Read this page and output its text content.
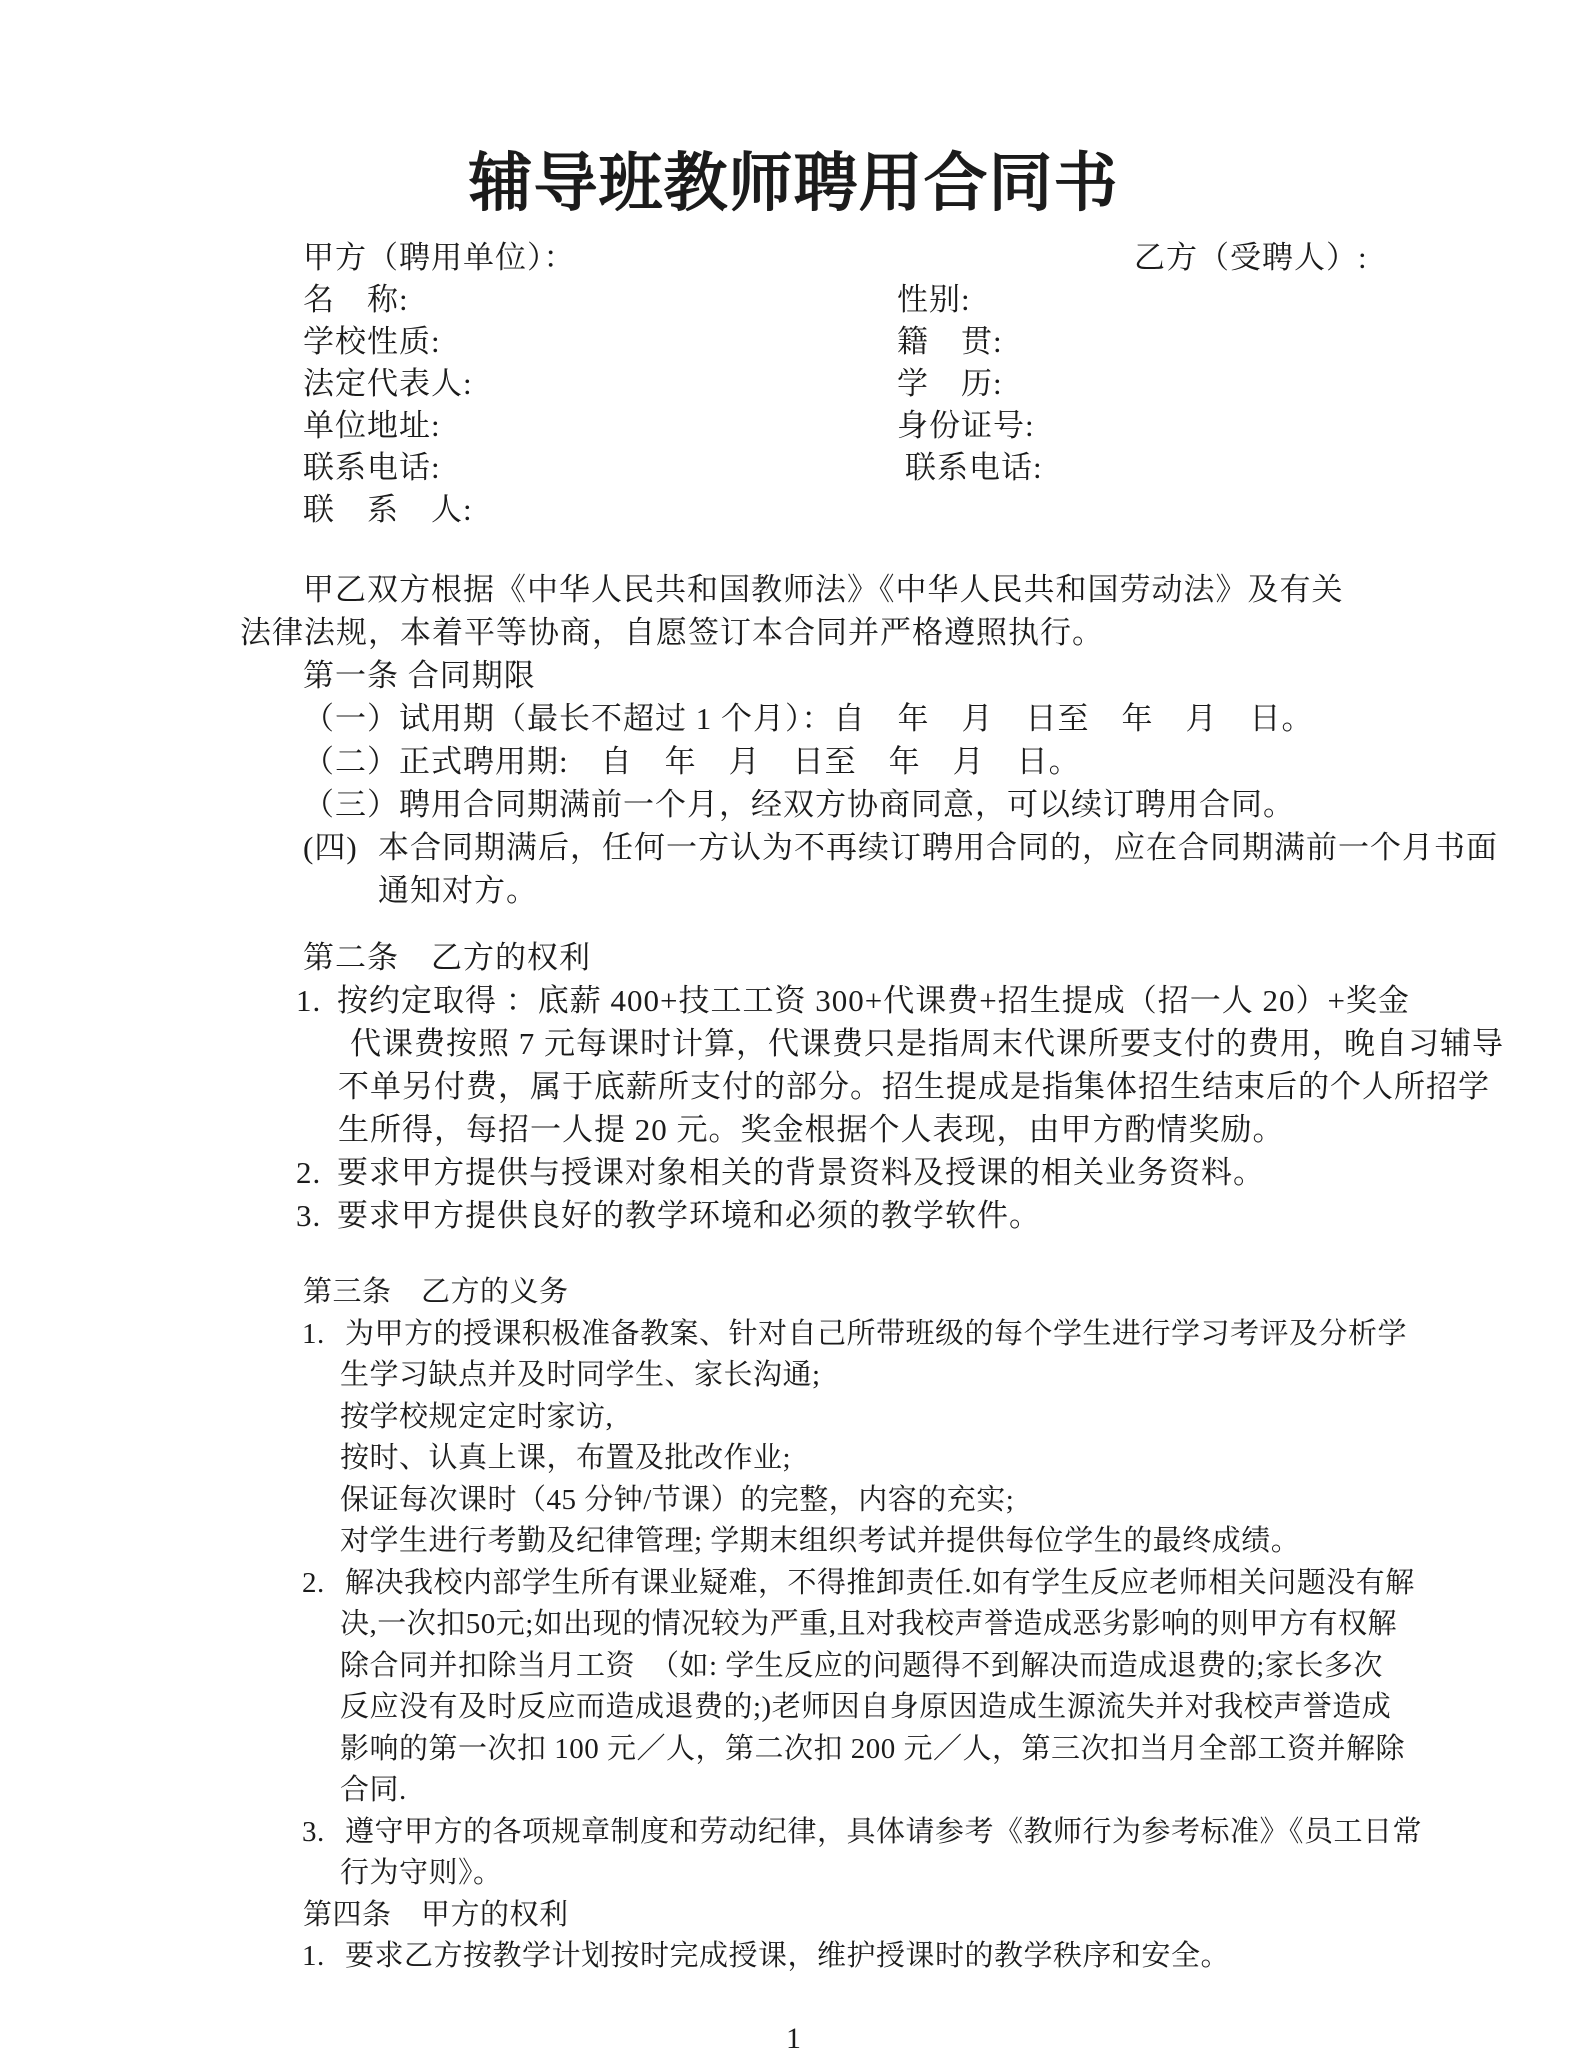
辅导班教师聘用合同书
甲方（聘用单位）：	乙方（受聘人）:
名　称:	性别:
学校性质:	籍　贯:
法定代表人:	学　历:
单位地址:	身份证号:
联系电话:	联系电话:
联　系　人:
甲乙双方根据《中华人民共和国教师法》《中华人民共和国劳动法》及有关
法律法规，本着平等协商，自愿签订本合同并严格遵照执行。
第一条 合同期限
（一）试用期（最长不超过 1 个月）：自　年　月　日至　年　月　日。
（二）正式聘用期:　自　年　月　日至　年　月　日。
（三）聘用合同期满前一个月，经双方协商同意，可以续订聘用合同。
(四) 本合同期满后，任何一方认为不再续订聘用合同的，应在合同期满前一个月书面
通知对方。
第二条　乙方的权利
1. 按约定取得 ：底薪 400+技工工资 300+代课费+招生提成（招一人 20）+奖金
代课费按照 7 元每课时计算，代课费只是指周末代课所要支付的费用，晚自习辅导
不单另付费，属于底薪所支付的部分。招生提成是指集体招生结束后的个人所招学
生所得，每招一人提 20 元。奖金根据个人表现，由甲方酌情奖励。
2. 要求甲方提供与授课对象相关的背景资料及授课的相关业务资料。
3. 要求甲方提供良好的教学环境和必须的教学软件。
第三条　乙方的义务
1. 为甲方的授课积极准备教案、针对自己所带班级的每个学生进行学习考评及分析学
生学习缺点并及时同学生、家长沟通;
按学校规定定时家访,
按时、认真上课，布置及批改作业;
保证每次课时（45 分钟/节课）的完整，内容的充实;
对学生进行考勤及纪律管理; 学期末组织考试并提供每位学生的最终成绩。
2. 解决我校内部学生所有课业疑难，不得推卸责任.如有学生反应老师相关问题没有解
决,一次扣50元;如出现的情况较为严重,且对我校声誉造成恶劣影响的则甲方有权解
除合同并扣除当月工资　（如: 学生反应的问题得不到解决而造成退费的;家长多次
反应没有及时反应而造成退费的;)老师因自身原因造成生源流失并对我校声誉造成
影响的第一次扣 100 元／人，第二次扣 200 元／人，第三次扣当月全部工资并解除
合同.
3. 遵守甲方的各项规章制度和劳动纪律，具体请参考《教师行为参考标准》《员工日常
行为守则》。
第四条　甲方的权利
1. 要求乙方按教学计划按时完成授课，维护授课时的教学秩序和安全。
1
